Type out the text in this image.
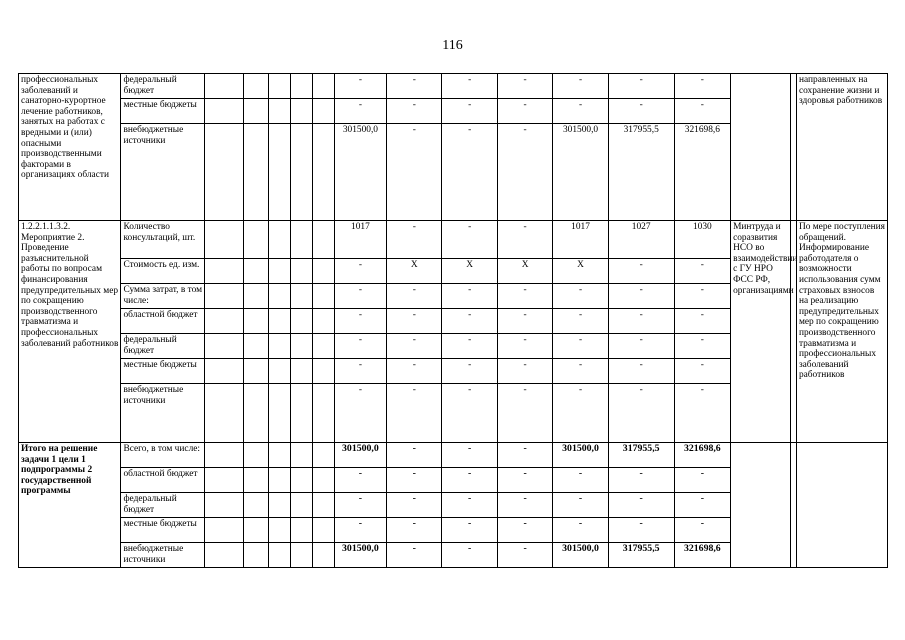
116
профессиональных заболеваний и санаторно-курортное лечение работников, занятых на работах с вредными и (или) опасными производственными факторами в организациях области	федеральный бюджет						-	-	-	-	-	-	-			направленных на сохранение жизни и здоровья работников
	местные бюджеты						-	-	-	-	-	-	-			
	внебюджетные источники						301500,0	-	-	-	301500,0	317955,5	321698,6			
1.2.2.1.1.3.2. Мероприятие 2. Проведение разъяснительной работы по вопросам финансирования предупредительных мер по сокращению производственного травматизма и профессиональных заболеваний работников	Количество консультаций, шт.						1017	-	-	-	1017	1027	1030	Минтруда и соразвития НСО во взаимодействии с ГУ НРО ФСС РФ, организациями		По мере поступления обращений. Информирование работодателя о возможности использования сумм страховых взносов на реализацию предупредительных мер по сокращению производственного травматизма и профессиональных заболеваний работников
	Стоимость ед. изм.						-	X	X	X	X	-	-			
	Сумма затрат, в том числе:						-	-	-	-	-	-	-			
	областной бюджет						-	-	-	-	-	-	-			
	федеральный бюджет						-	-	-	-	-	-	-			
	местные бюджеты						-	-	-	-	-	-	-			
	внебюджетные источники						-	-	-	-	-	-	-			
Итого на решение задачи 1 цели 1 подпрограммы 2 государственной программы	Всего, в том числе:						301500,0	-	-	-	301500,0	317955,5	321698,6			
	областной бюджет						-	-	-	-	-	-	-			
	федеральный бюджет						-	-	-	-	-	-	-			
	местные бюджеты						-	-	-	-	-	-	-			
	внебюджетные источники						301500,0	-	-	-	301500,0	317955,5	321698,6			
